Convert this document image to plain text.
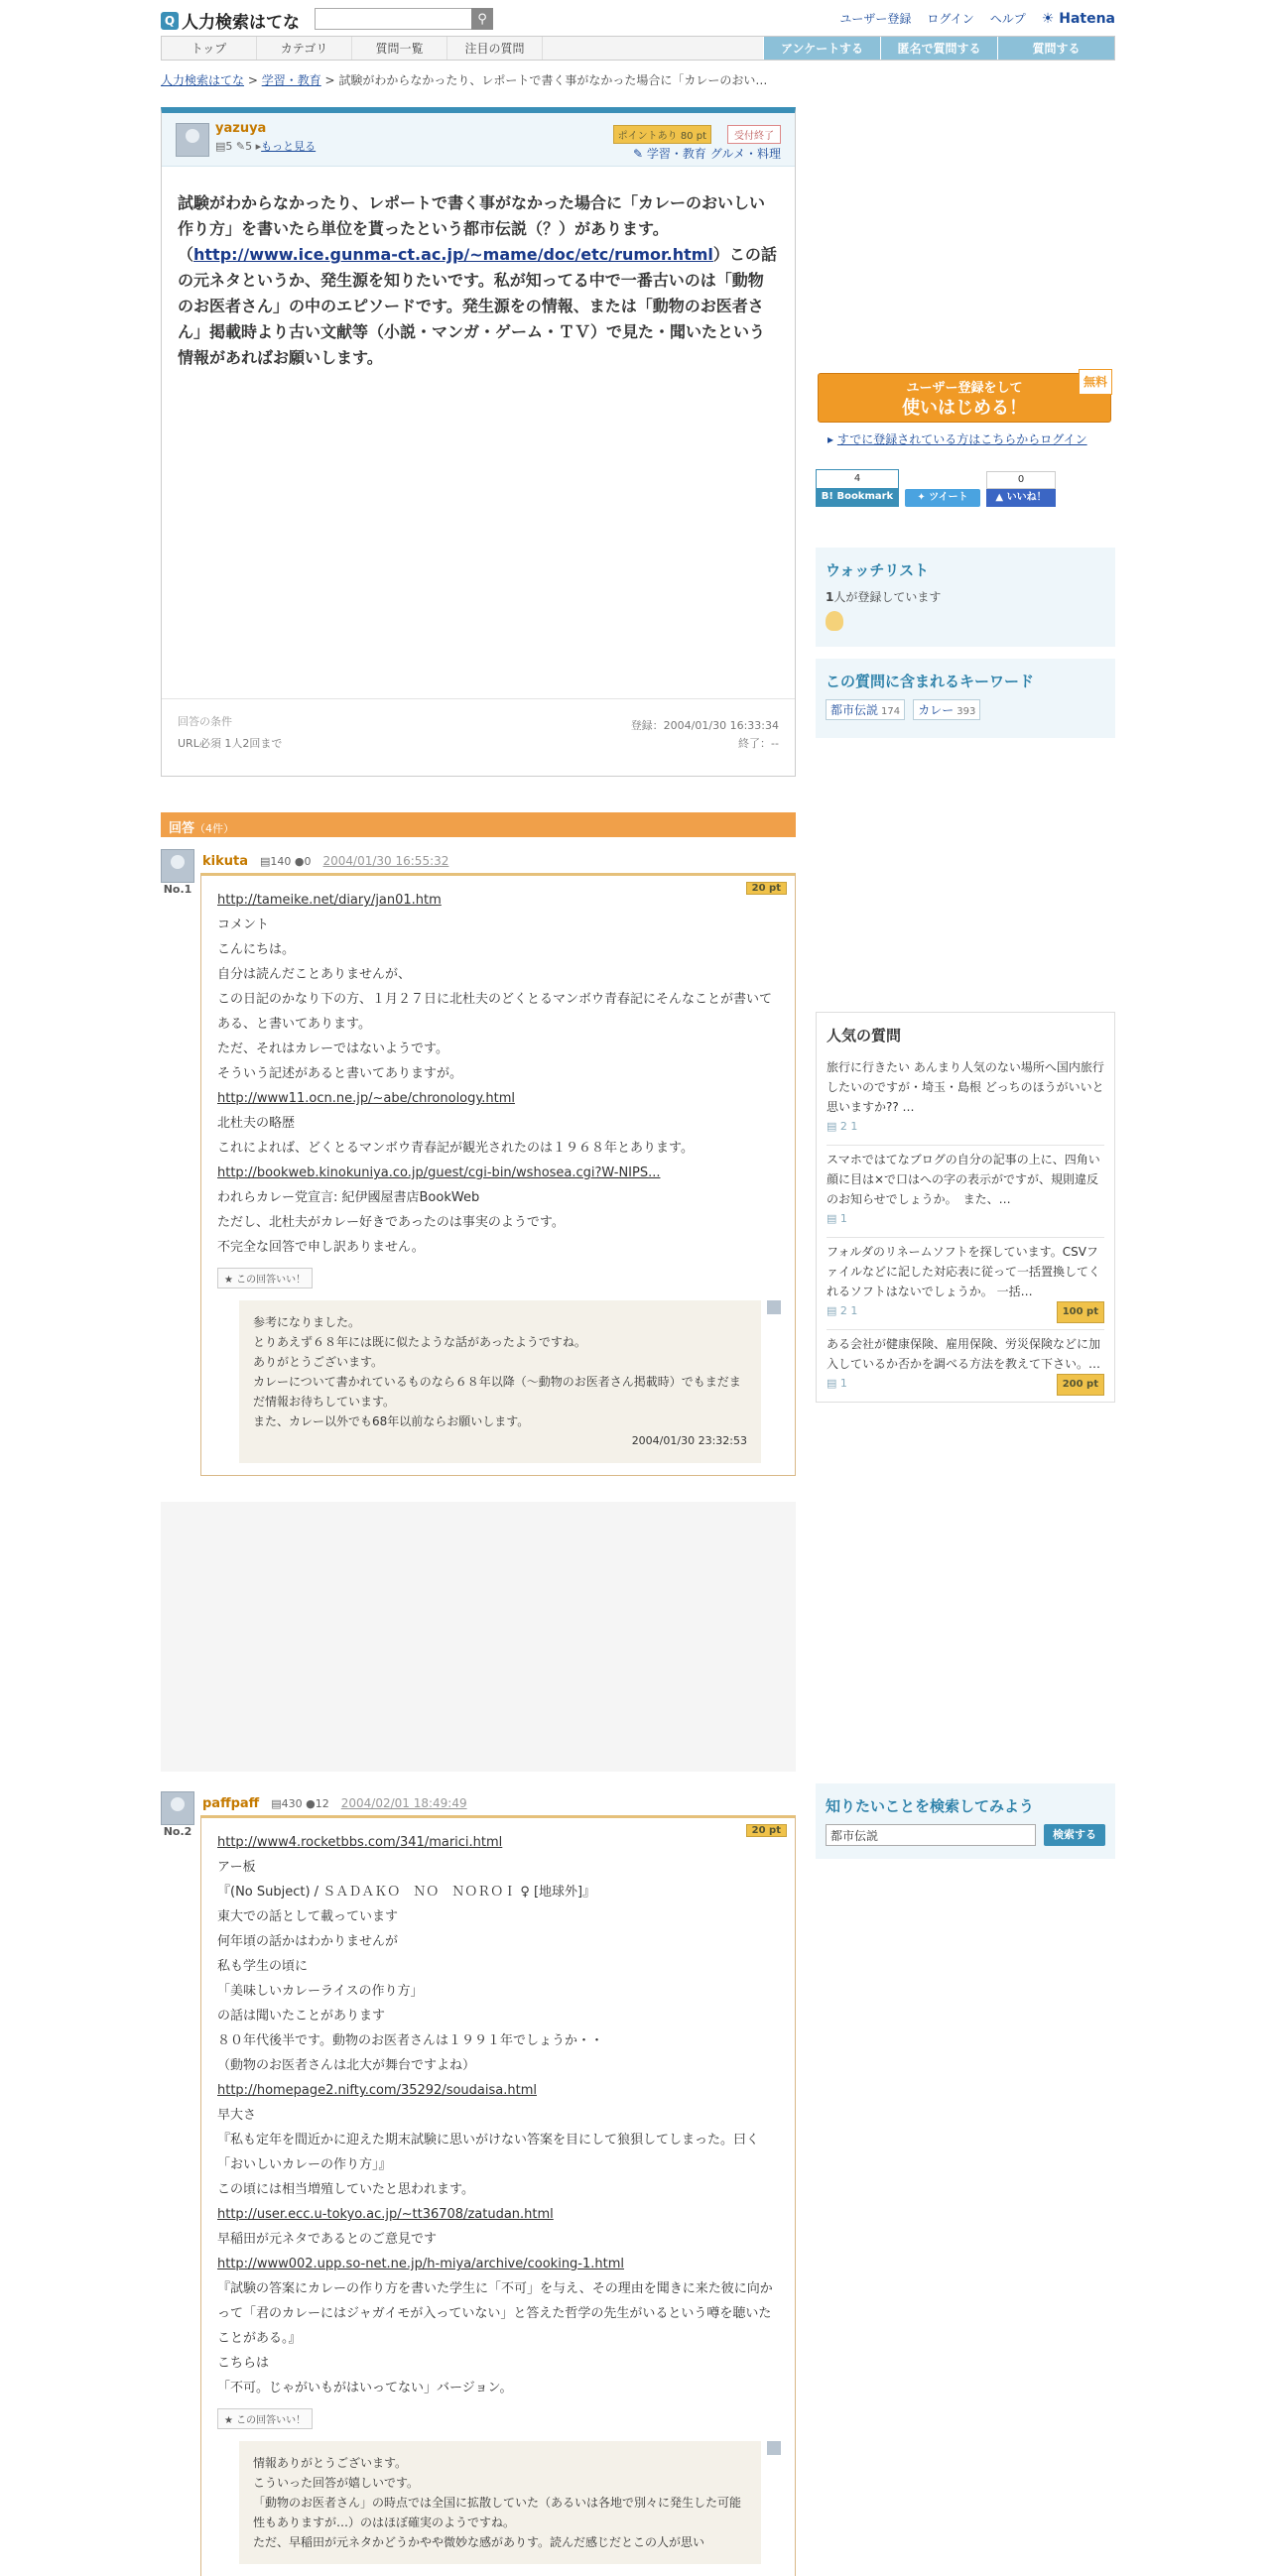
Q 人力検索はてな	⚲	ユーザー登録 ログイン ヘルプ ☀ Hatena
トップ	カテゴリ	質問一覧	注目の質問	アンケートする	匿名で質問する	質問する
人力検索はてな > 学習・教育 > 試験がわからなかったり、レポートで書く事がなかった場合に「カレーのおい…
yazuya
▤5 ✎5 ▸もっと見る
ポイントあり 80 pt	受付終了
✎ 学習・教育 グルメ・料理
試験がわからなかったり、レポートで書く事がなかった場合に「カレーのおいしい作り方」を書いたら単位を貰ったという都市伝説（？）があります。（http://www.ice.gunma-ct.ac.jp/~mame/doc/etc/rumor.html）この話の元ネタというか、発生源を知りたいです。私が知ってる中で一番古いのは「動物のお医者さん」の中のエピソードです。発生源をの情報、または「動物のお医者さん」掲載時より古い文献等（小説・マンガ・ゲーム・ＴＶ）で見た・聞いたという情報があればお願いします。
回答の条件
URL必須 1人2回まで
登録：2004/01/30 16:33:34
終了：--
回答（4件）
kikuta ▤140 ●0 2004/01/30 16:55:32
No.1	20 pt
http://tameike.net/diary/jan01.htm
コメント
こんにちは。
自分は読んだことありませんが、
この日記のかなり下の方、１月２７日に北杜夫のどくとるマンボウ青春記にそんなことが書いてある、と書いてあります。
ただ、それはカレーではないようです。
そういう記述があると書いてありますが。
http://www11.ocn.ne.jp/~abe/chronology.html
北杜夫の略歴
これによれば、どくとるマンボウ青春記が観光されたのは１９６８年とあります。
http://bookweb.kinokuniya.co.jp/guest/cgi-bin/wshosea.cgi?W-NIPS...
われらカレー党宣言: 紀伊國屋書店BookWeb
ただし、北杜夫がカレー好きであったのは事実のようです。
不完全な回答で申し訳ありません。
★ この回答いい！
参考になりました。
とりあえず６８年には既に似たような話があったようですね。
ありがとうございます。
カレーについて書かれているものなら６８年以降（〜動物のお医者さん掲載時）でもまだまだ情報お待ちしています。
また、カレー以外でも68年以前ならお願いします。
2004/01/30 23:32:53
paffpaff ▤430 ●12 2004/02/01 18:49:49
No.2	20 pt
http://www4.rocketbbs.com/341/marici.html
アー板
『(No Subject) / ＳＡＤＡＫＯ　ＮＯ　ＮＯＲＯＩ ♀ [地球外]』
東大での話として載っています
何年頃の話かはわかりませんが
私も学生の頃に
「美味しいカレーライスの作り方」
の話は聞いたことがあります
８０年代後半です。動物のお医者さんは１９９１年でしょうか・・
（動物のお医者さんは北大が舞台ですよね）
http://homepage2.nifty.com/35292/soudaisa.html
早大さ
『私も定年を間近かに迎えた期末試験に思いがけない答案を目にして狼狽してしまった。曰く「おいしいカレーの作り方」』
この頃には相当増殖していたと思われます。
http://user.ecc.u-tokyo.ac.jp/~tt36708/zatudan.html
早稲田が元ネタであるとのご意見です
http://www002.upp.so-net.ne.jp/h-miya/archive/cooking-1.html
『試験の答案にカレーの作り方を書いた学生に「不可」を与え、その理由を聞きに来た彼に向かって「君のカレーにはジャガイモが入っていない」と答えた哲学の先生がいるという噂を聴いたことがある。』
こちらは
「不可。じゃがいもがはいってない」バージョン。
★ この回答いい！
情報ありがとうございます。
こういった回答が嬉しいです。
「動物のお医者さん」の時点では全国に拡散していた（あるいは各地で別々に発生した可能性もありますが…）のはほぼ確実のようですね。
ただ、早稲田が元ネタかどうかやや微妙な感がありす。読んだ感じだとこの人が思い
ユーザー登録をして
使いはじめる！
無料
▸ すでに登録されている方はこちらからログイン
4
B! Bookmark	✦ ツイート
0
▲ いいね！
ウォッチリスト
1人が登録しています
この質問に含まれるキーワード
都市伝説 174 カレー 393
人気の質問
旅行に行きたい あんまり人気のない場所へ国内旅行したいのですが・埼玉・島根 どっちのほうがいいと思いますか?? …
▤ 2 1
スマホではてなブログの自分の記事の上に、四角い顔に目は×で口はへの字の表示がですが、規則違反のお知らせでしょうか。　また、…
▤ 1
フォルダのリネームソフトを探しています。CSVファイルなどに記した対応表に従って一括置換してくれるソフトはないでしょうか。 一括…
▤ 2 1	100 pt
ある会社が健康保険、雇用保険、労災保険などに加入しているか否かを調べる方法を教えて下さい。…
▤ 1	200 pt
知りたいことを検索してみよう
都市伝説	検索する
